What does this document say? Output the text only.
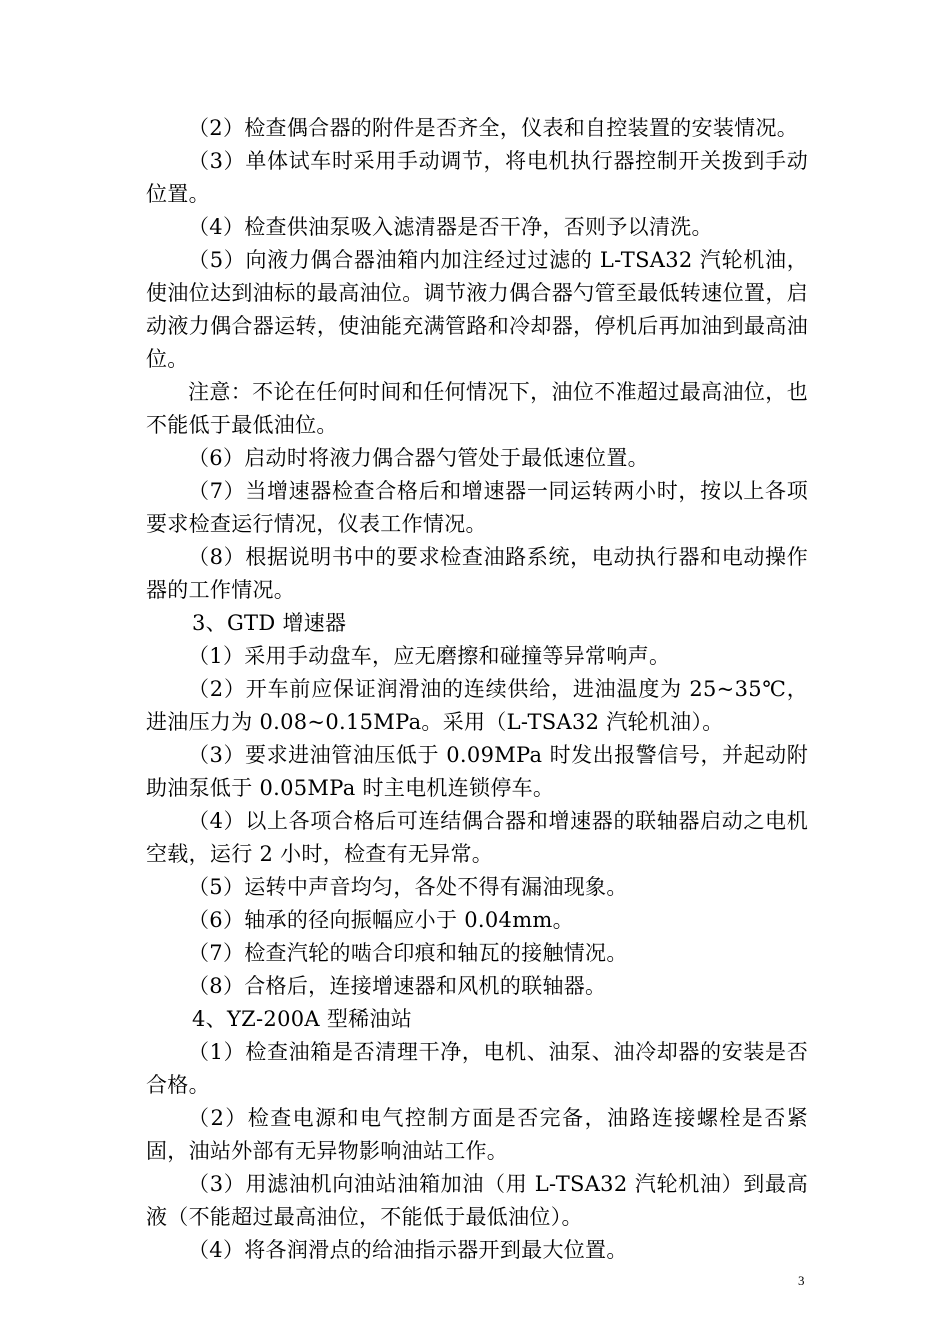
（2）检查偶合器的附件是否齐全，仪表和自控装置的安装情况。

（3）单体试车时采用手动调节，将电机执行器控制开关拨到手动位置。

（4）检查供油泵吸入滤清器是否干净，否则予以清洗。

（5）向液力偶合器油箱内加注经过过滤的 L-TSA32 汽轮机油，使油位达到油标的最高油位。调节液力偶合器勺管至最低转速位置，启动液力偶合器运转，使油能充满管路和冷却器，停机后再加油到最高油位。

注意：不论在任何时间和任何情况下，油位不准超过最高油位，也不能低于最低油位。

（6）启动时将液力偶合器勺管处于最低速位置。

（7）当增速器检查合格后和增速器一同运转两小时，按以上各项要求检查运行情况，仪表工作情况。

（8）根据说明书中的要求检查油路系统，电动执行器和电动操作器的工作情况。

3、GTD 增速器

（1）采用手动盘车，应无磨擦和碰撞等异常响声。

（2）开车前应保证润滑油的连续供给，进油温度为 25~35℃，进油压力为 0.08~0.15MPa。采用（L-TSA32 汽轮机油）。

（3）要求进油管油压低于 0.09MPa 时发出报警信号，并起动附助油泵低于 0.05MPa 时主电机连锁停车。

（4）以上各项合格后可连结偶合器和增速器的联轴器启动之电机空载，运行 2 小时，检查有无异常。

（5）运转中声音均匀，各处不得有漏油现象。

（6）轴承的径向振幅应小于 0.04mm。

（7）检查汽轮的啮合印痕和轴瓦的接触情况。

（8）合格后，连接增速器和风机的联轴器。

4、YZ-200A 型稀油站

（1）检查油箱是否清理干净，电机、油泵、油冷却器的安装是否合格。

（2）检查电源和电气控制方面是否完备，油路连接螺栓是否紧固，油站外部有无异物影响油站工作。

（3）用滤油机向油站油箱加油（用 L-TSA32 汽轮机油）到最高液（不能超过最高油位，不能低于最低油位）。

（4）将各润滑点的给油指示器开到最大位置。

3
